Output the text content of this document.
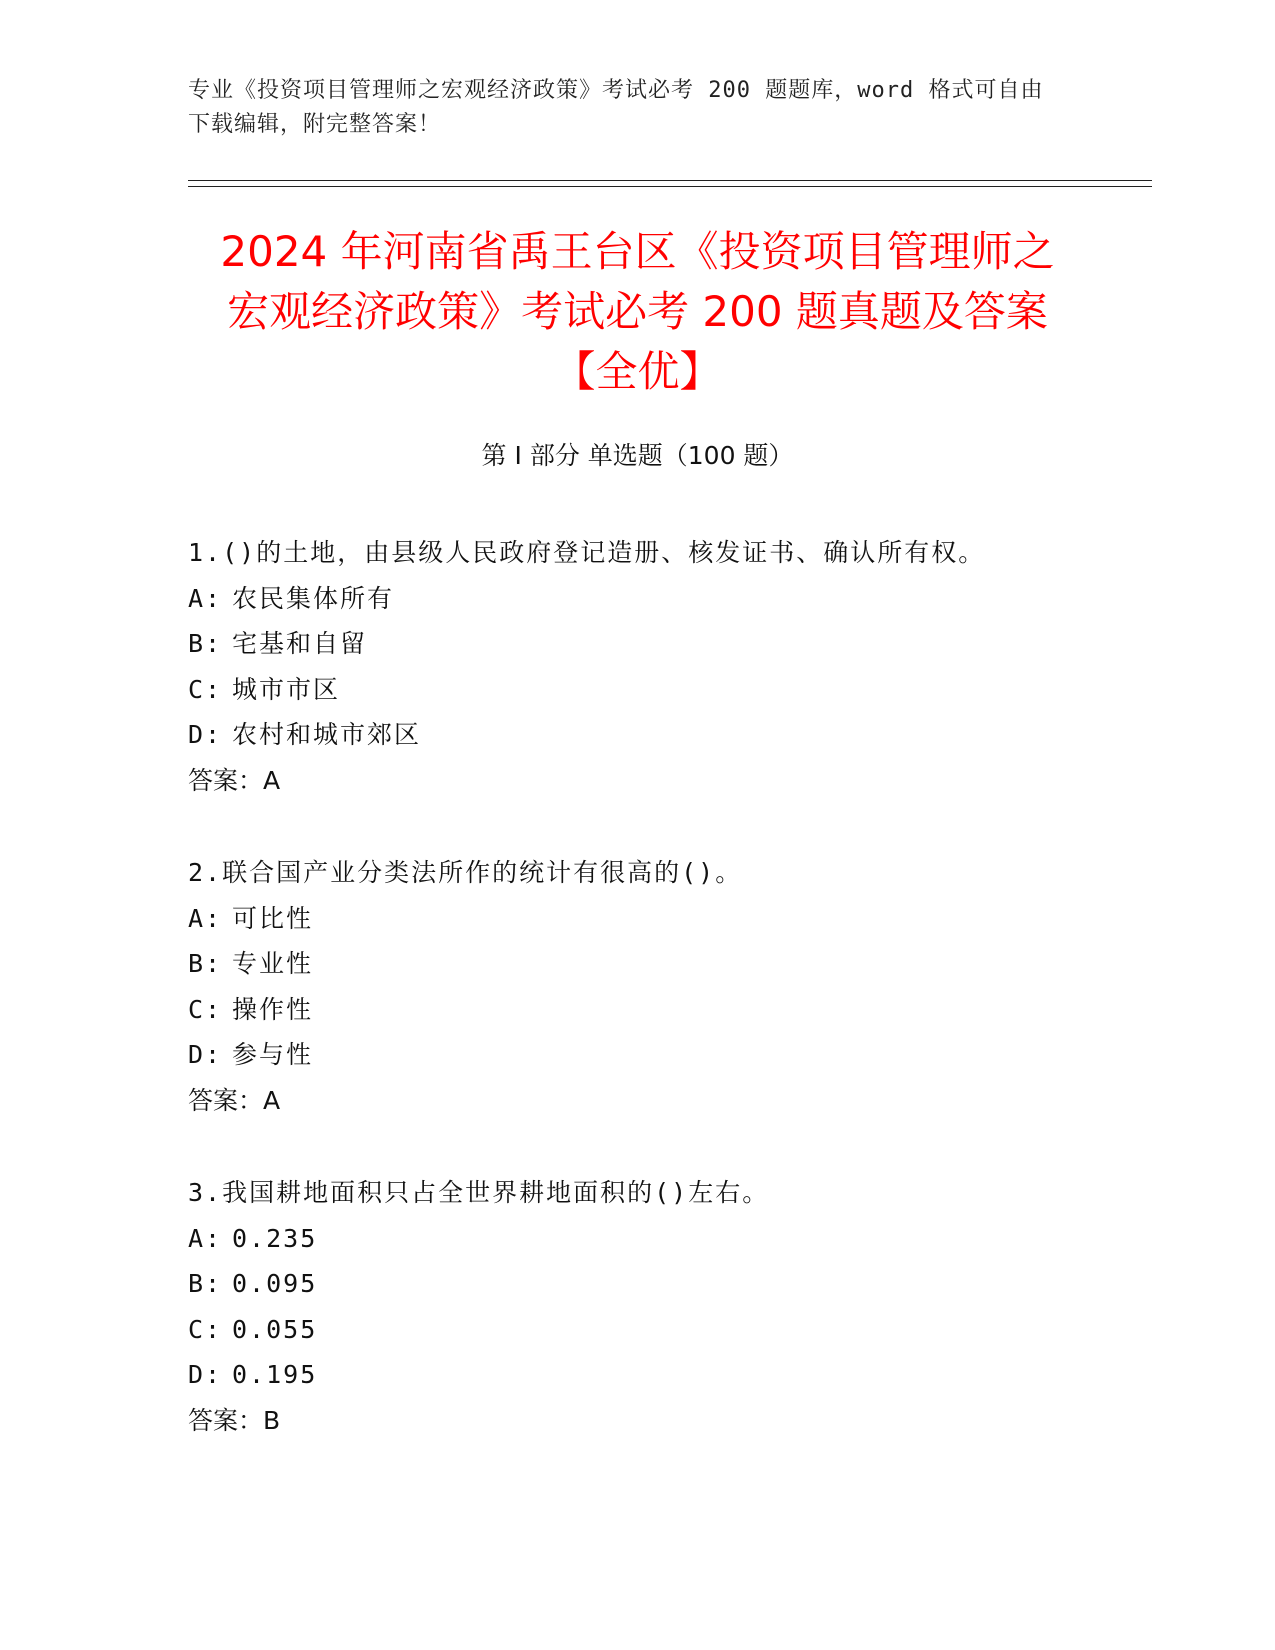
专业《投资项目管理师之宏观经济政策》考试必考 200 题题库，word 格式可自由
下载编辑，附完整答案！
2024 年河南省禹王台区《投资项目管理师之
宏观经济政策》考试必考 200 题真题及答案
【全优】
第 I 部分 单选题（100 题）
1.()的土地，由县级人民政府登记造册、核发证书、确认所有权。
A: 农民集体所有
B: 宅基和自留
C: 城市市区
D: 农村和城市郊区
答案：A
2.联合国产业分类法所作的统计有很高的()。
A: 可比性
B: 专业性
C: 操作性
D: 参与性
答案：A
3.我国耕地面积只占全世界耕地面积的()左右。
A: 0.235
B: 0.095
C: 0.055
D: 0.195
答案：B
